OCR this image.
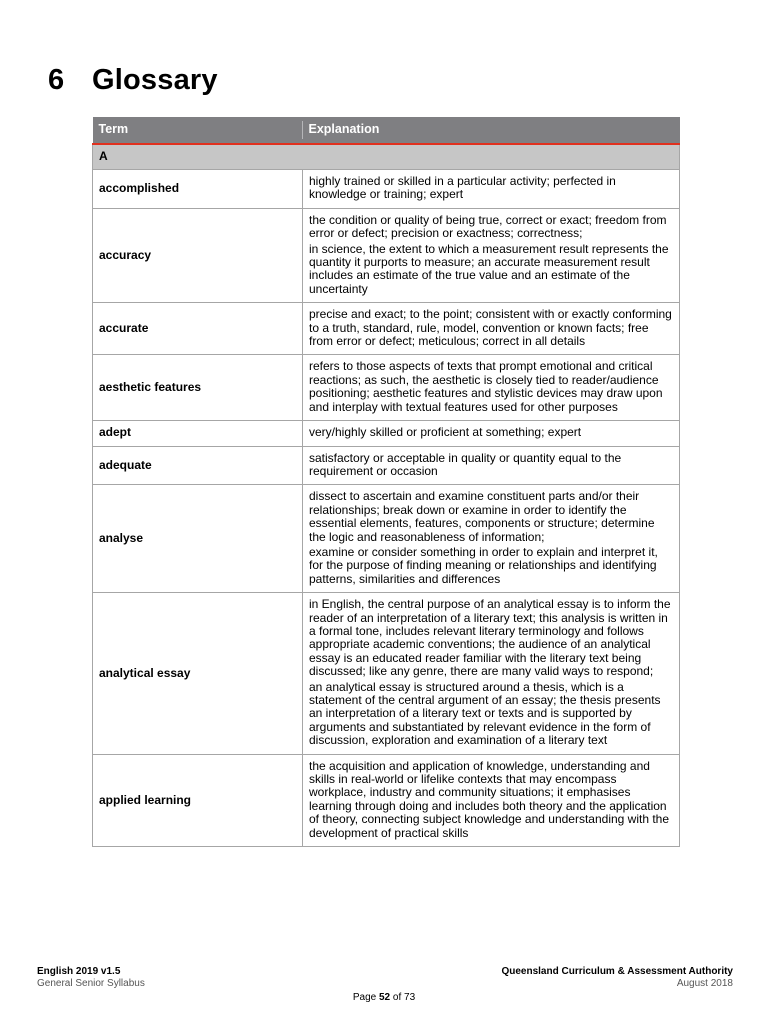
6 Glossary
Term	Explanation
A	
accomplished	highly trained or skilled in a particular activity; perfected in knowledge or training; expert

accuracy	the condition or quality of being true, correct or exact; freedom from error or defect; precision or exactness; correctness;

in science, the extent to which a measurement result represents the quantity it purports to measure; an accurate measurement result includes an estimate of the true value and an estimate of the uncertainty

accurate	precise and exact; to the point; consistent with or exactly conforming to a truth, standard, rule, model, convention or known facts; free from error or defect; meticulous; correct in all details

aesthetic features	refers to those aspects of texts that prompt emotional and critical reactions; as such, the aesthetic is closely tied to reader/audience positioning; aesthetic features and stylistic devices may draw upon and interplay with textual features used for other purposes

adept	very/highly skilled or proficient at something; expert

adequate	satisfactory or acceptable in quality or quantity equal to the requirement or occasion

analyse	dissect to ascertain and examine constituent parts and/or their relationships; break down or examine in order to identify the essential elements, features, components or structure; determine the logic and reasonableness of information;

examine or consider something in order to explain and interpret it, for the purpose of finding meaning or relationships and identifying patterns, similarities and differences

analytical essay	in English, the central purpose of an analytical essay is to inform the reader of an interpretation of a literary text; this analysis is written in a formal tone, includes relevant literary terminology and follows appropriate academic conventions; the audience of an analytical essay is an educated reader familiar with the literary text being discussed; like any genre, there are many valid ways to respond;

an analytical essay is structured around a thesis, which is a statement of the central argument of an essay; the thesis presents an interpretation of a literary text or texts and is supported by arguments and substantiated by relevant evidence in the form of discussion, exploration and examination of a literary text

applied learning	the acquisition and application of knowledge, understanding and skills in real-world or lifelike contexts that may encompass workplace, industry and community situations; it emphasises learning through doing and includes both theory and the application of theory, connecting subject knowledge and understanding with the development of practical skills

English 2019 v1.5
General Senior Syllabus
Queensland Curriculum & Assessment Authority
August 2018
Page 52 of 73
